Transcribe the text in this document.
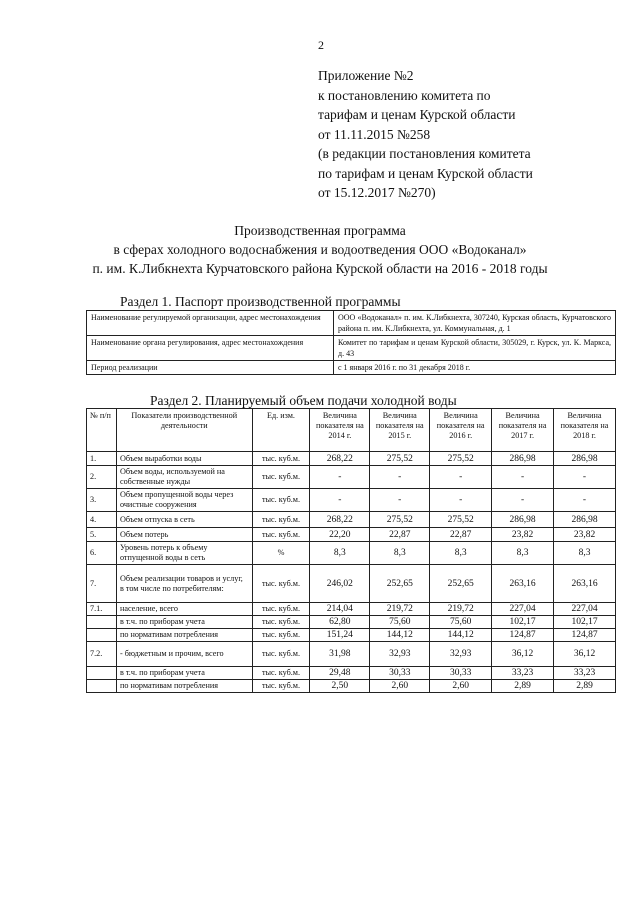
2
Приложение №2
к постановлению комитета по
тарифам и ценам Курской области
от 11.11.2015 №258
(в редакции постановления комитета
по тарифам и ценам Курской области
от 15.12.2017 №270)
Производственная программа
в сферах холодного водоснабжения и водоотведения ООО «Водоканал»
п. им. К.Либкнехта Курчатовского района Курской области на 2016 - 2018 годы
Раздел 1. Паспорт производственной программы
Наименование регулируемой организации, адрес местонахождения	ООО «Водоканал» п. им. К.Либкнехта, 307240, Курская область, Курчатовского района п. им. К.Либкнехта, ул. Коммунальная, д. 1
Наименование органа регулирования, адрес местонахождения	Комитет по тарифам и ценам Курской области, 305029, г. Курск, ул. К. Маркса, д. 43
Период реализации	с 1 января 2016 г. по 31 декабря 2018 г.
Раздел 2. Планируемый объем подачи холодной воды
№ п/п	Показатели производственной деятельности	Ед. изм.	Величина показателя на 2014 г.	Величина показателя на 2015 г.	Величина показателя на 2016 г.	Величина показателя на 2017 г.	Величина показателя на 2018 г.
1.	Объем выработки воды	тыс. куб.м.	268,22	275,52	275,52	286,98	286,98
2.	Объем воды, используемой на собственные нужды	тыс. куб.м.	-	-	-	-	-
3.	Объем пропущенной воды через очистные сооружения	тыс. куб.м.	-	-	-	-	-
4.	Объем отпуска в сеть	тыс. куб.м.	268,22	275,52	275,52	286,98	286,98
5.	Объем потерь	тыс. куб.м.	22,20	22,87	22,87	23,82	23,82
6.	Уровень потерь к объему отпущенной воды в сеть	%	8,3	8,3	8,3	8,3	8,3
7.	Объем реализации товаров и услуг, в том числе по потребителям:	тыс. куб.м.	246,02	252,65	252,65	263,16	263,16
7.1.	население, всего	тыс. куб.м.	214,04	219,72	219,72	227,04	227,04
	в т.ч. по приборам учета	тыс. куб.м.	62,80	75,60	75,60	102,17	102,17
	по нормативам потребления	тыс. куб.м.	151,24	144,12	144,12	124,87	124,87
7.2.	- бюджетным и прочим, всего	тыс. куб.м.	31,98	32,93	32,93	36,12	36,12
	в т.ч. по приборам учета	тыс. куб.м.	29,48	30,33	30,33	33,23	33,23
	по нормативам потребления	тыс. куб.м.	2,50	2,60	2,60	2,89	2,89
